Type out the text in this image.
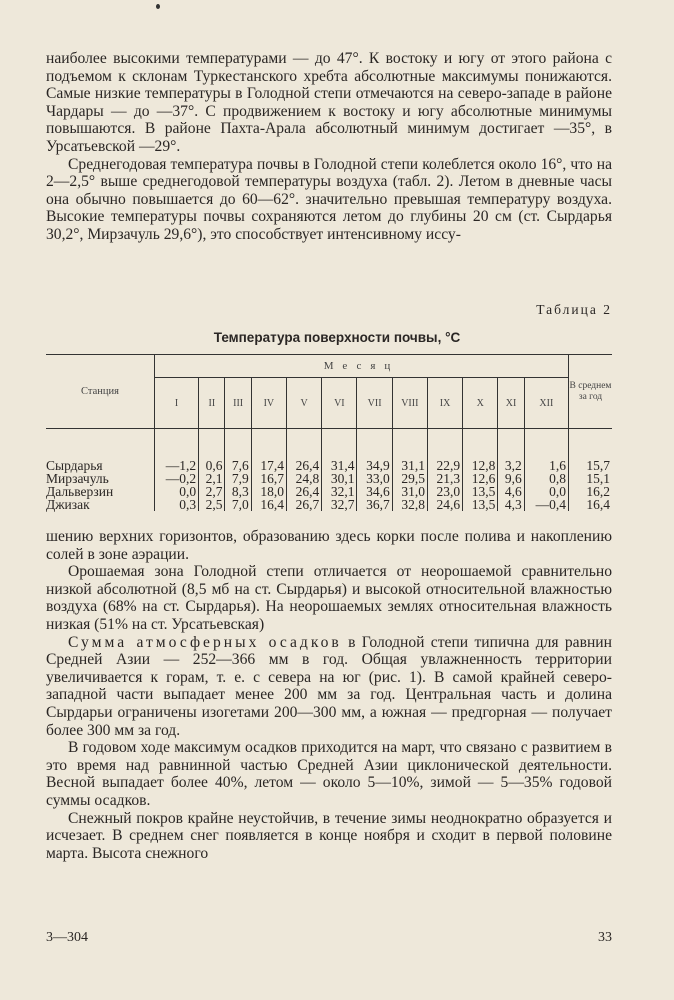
наиболее высокими температурами — до 47°. К востоку и югу от этого района с подъемом к склонам Туркестанского хребта абсолютные максимумы понижаются. Самые низкие температуры в Голодной степи отмечаются на северо-западе в районе Чардары — до —37°. С продвижением к востоку и югу абсолютные минимумы повышаются. В районе Пахта-Арала абсолютный минимум достигает —35°, в Урсатьевской —29°.

Среднегодовая температура почвы в Голодной степи колеблется около 16°, что на 2—2,5° выше среднегодовой температуры воздуха (табл. 2). Летом в дневные часы она обычно повышается до 60—62°. значительно превышая температуру воздуха. Высокие температуры почвы сохраняются летом до глубины 20 см (ст. Сырдарья 30,2°, Мирзачуль 29,6°), это способствует интенсивному иссу-

Таблица 2
Температура поверхности почвы, °С
Станция	Месяц												В среднем за год
	I	II	III	IV	V	VI	VII	VIII	IX	X	XI	XII	
Сырдарья	—1,2	0,6	7,6	17,4	26,4	31,4	34,9	31,1	22,9	12,8	3,2	1,6	15,7
Мирзачуль	—0,2	2,1	7,9	16,7	24,8	30,1	33,0	29,5	21,3	12,6	9,6	0,8	15,1
Дальверзин	0,0	2,7	8,3	18,0	26,4	32,1	34,6	31,0	23,0	13,5	4,6	0,0	16,2
Джизак	0,3	2,5	7,0	16,4	26,7	32,7	36,7	32,8	24,6	13,5	4,3	—0,4	16,4

шению верхних горизонтов, образованию здесь корки после полива и накоплению солей в зоне аэрации.

Орошаемая зона Голодной степи отличается от неорошаемой сравнительно низкой абсолютной (8,5 мб на ст. Сырдарья) и высокой относительной влажностью воздуха (68% на ст. Сырдарья). На неорошаемых землях относительная влажность низкая (51% на ст. Урсатьевская)

Сумма атмосферных осадков в Голодной степи типична для равнин Средней Азии — 252—366 мм в год. Общая увлажненность территории увеличивается к горам, т. е. с севера на юг (рис. 1). В самой крайней северо-западной части выпадает менее 200 мм за год. Центральная часть и долина Сырдарьи ограничены изогетами 200—300 мм, а южная — предгорная — получает более 300 мм за год.

В годовом ходе максимум осадков приходится на март, что связано с развитием в это время над равнинной частью Средней Азии циклонической деятельности. Весной выпадает более 40%, летом — около 5—10%, зимой — 5—35% годовой суммы осадков.

Снежный покров крайне неустойчив, в течение зимы неоднократно образуется и исчезает. В среднем снег появляется в конце ноября и сходит в первой половине марта. Высота снежного

3—304	33
